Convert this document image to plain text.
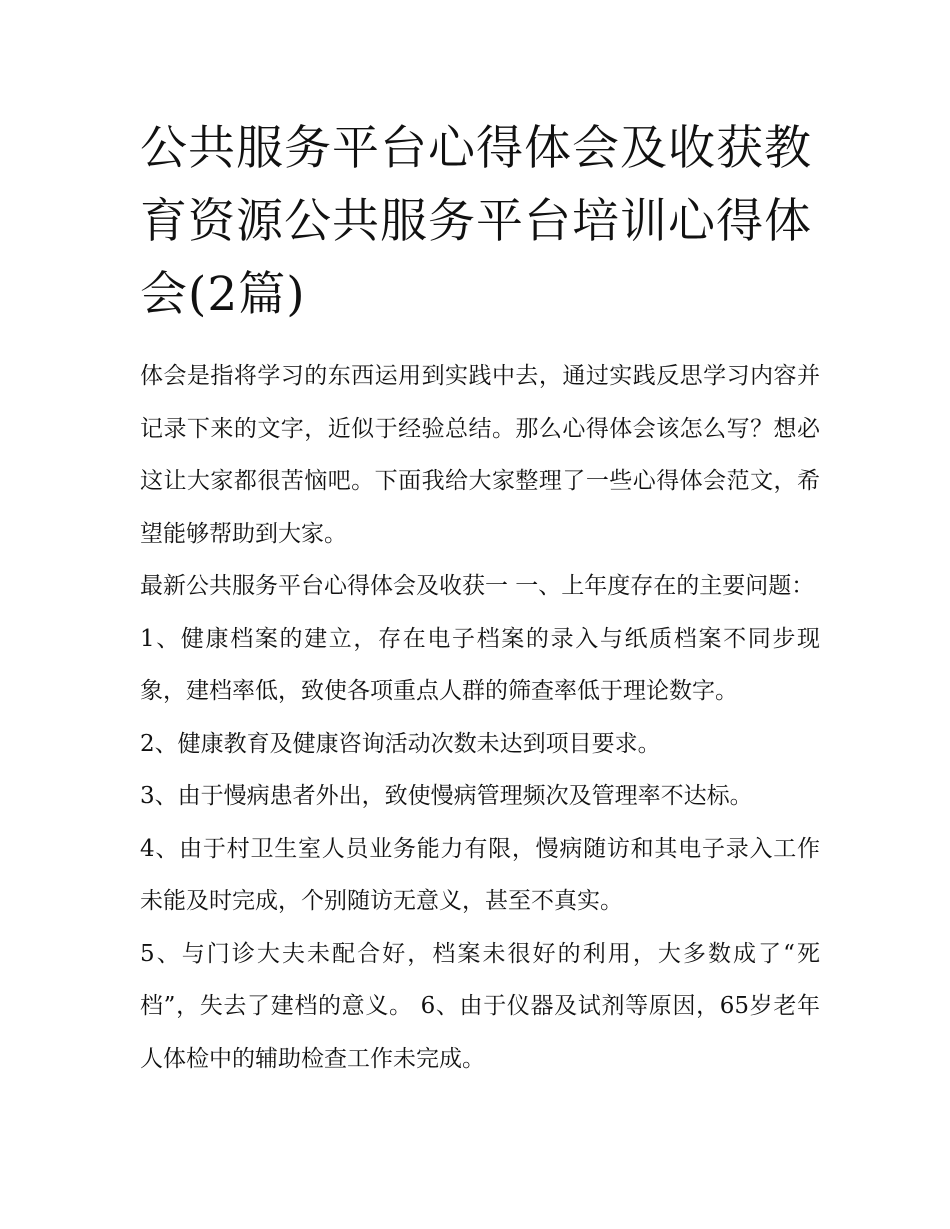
公共服务平台心得体会及收获教育资源公共服务平台培训心得体会(2篇)

体会是指将学习的东西运用到实践中去，通过实践反思学习内容并记录下来的文字，近似于经验总结。那么心得体会该怎么写？想必这让大家都很苦恼吧。下面我给大家整理了一些心得体会范文，希望能够帮助到大家。

最新公共服务平台心得体会及收获一 一、上年度存在的主要问题：

1、健康档案的建立，存在电子档案的录入与纸质档案不同步现象，建档率低，致使各项重点人群的筛查率低于理论数字。

2、健康教育及健康咨询活动次数未达到项目要求。

3、由于慢病患者外出，致使慢病管理频次及管理率不达标。

4、由于村卫生室人员业务能力有限，慢病随访和其电子录入工作未能及时完成，个别随访无意义，甚至不真实。

5、与门诊大夫未配合好，档案未很好的利用，大多数成了“死档”，失去了建档的意义。 6、由于仪器及试剂等原因，65岁老年人体检中的辅助检查工作未完成。
